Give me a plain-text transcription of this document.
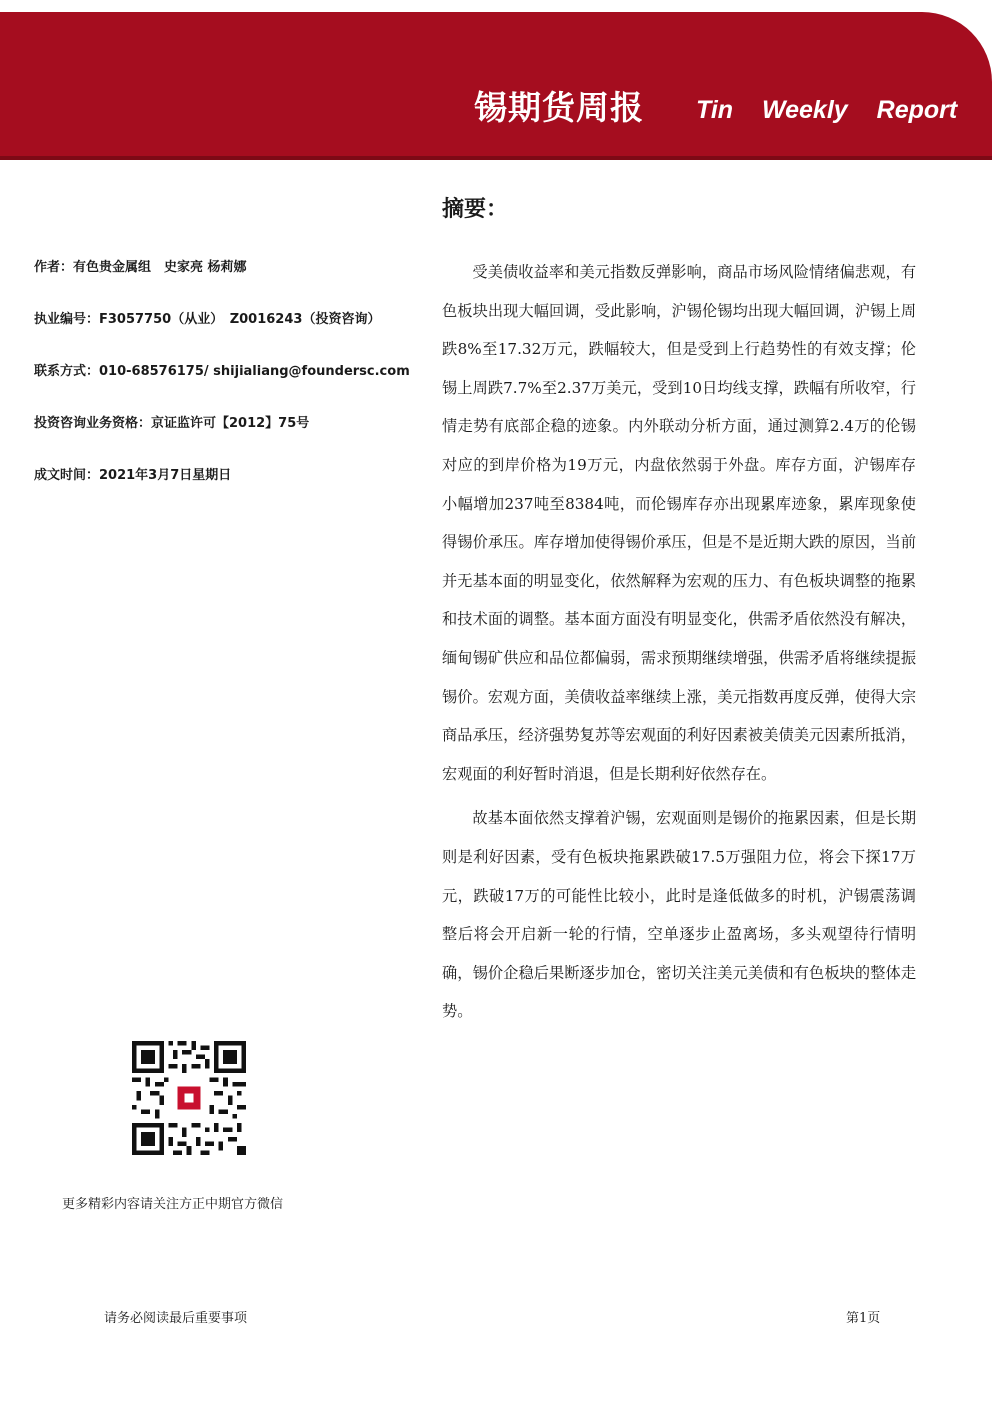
锡期货周报 Tin Weekly Report
摘要：
作者：有色贵金属组　史家亮 杨莉娜
执业编号：F3057750（从业）　Z0016243（投资咨询）
联系方式：010-68576175/ shijialiang@foundersc.com
投资咨询业务资格：京证监许可【2012】75号
成文时间：2021年3月7日星期日

受美债收益率和美元指数反弹影响，商品市场风险情绪偏悲观，有色板块出现大幅回调，受此影响，沪锡伦锡均出现大幅回调，沪锡上周跌8%至17.32万元，跌幅较大，但是受到上行趋势性的有效支撑；伦锡上周跌7.7%至2.37万美元，受到10日均线支撑，跌幅有所收窄，行情走势有底部企稳的迹象。内外联动分析方面，通过测算2.4万的伦锡对应的到岸价格为19万元，内盘依然弱于外盘。库存方面，沪锡库存小幅增加237吨至8384吨，而伦锡库存亦出现累库迹象，累库现象使得锡价承压。库存增加使得锡价承压，但是不是近期大跌的原因，当前并无基本面的明显变化，依然解释为宏观的压力、有色板块调整的拖累和技术面的调整。基本面方面没有明显变化，供需矛盾依然没有解决，缅甸锡矿供应和品位都偏弱，需求预期继续增强，供需矛盾将继续提振锡价。宏观方面，美债收益率继续上涨，美元指数再度反弹，使得大宗商品承压，经济强势复苏等宏观面的利好因素被美债美元因素所抵消，宏观面的利好暂时消退，但是长期利好依然存在。

故基本面依然支撑着沪锡，宏观面则是锡价的拖累因素，但是长期则是利好因素，受有色板块拖累跌破17.5万强阻力位，将会下探17万元，跌破17万的可能性比较小，此时是逢低做多的时机，沪锡震荡调整后将会开启新一轮的行情，空单逐步止盈离场，多头观望待行情明确，锡价企稳后果断逐步加仓，密切关注美元美债和有色板块的整体走势。

更多精彩内容请关注方正中期官方微信
请务必阅读最后重要事项	第1页
